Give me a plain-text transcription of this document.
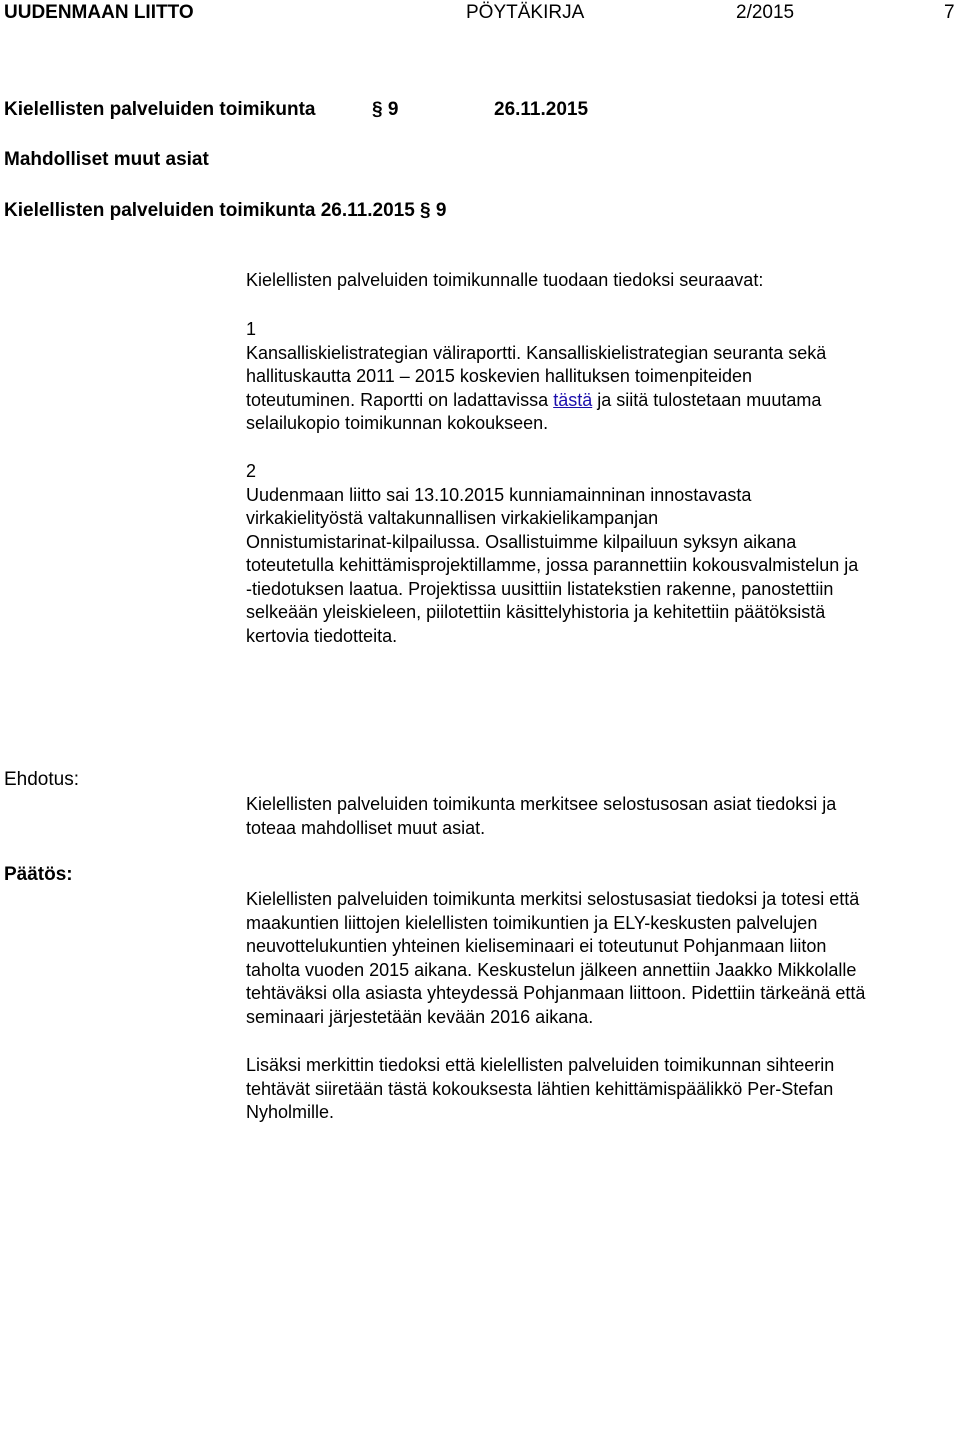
UUDENMAAN LIITTO	PÖYTÄKIRJA	2/2015	7
Kielellisten palveluiden toimikunta	§ 9	26.11.2015
Mahdolliset muut asiat
Kielellisten palveluiden toimikunta 26.11.2015 § 9

Kielellisten palveluiden toimikunnalle tuodaan tiedoksi seuraavat:

1

Kansalliskielistrategian väliraportti. Kansalliskielistrategian seuranta sekä

hallituskautta 2011 – 2015 koskevien hallituksen toimenpiteiden

toteutuminen. Raportti on ladattavissa tästä ja siitä tulostetaan muutama

selailukopio toimikunnan kokoukseen.

2

Uudenmaan liitto sai 13.10.2015 kunniamainninan innostavasta

virkakielityöstä valtakunnallisen virkakielikampanjan

Onnistumistarinat-kilpailussa. Osallistuimme kilpailuun syksyn aikana

toteutetulla kehittämisprojektillamme, jossa parannettiin kokousvalmistelun ja

-tiedotuksen laatua. Projektissa uusittiin listatekstien rakenne, panostettiin

selkeään yleiskieleen, piilotettiin käsittelyhistoria ja kehitettiin päätöksistä

kertovia tiedotteita.

Ehdotus:

Kielellisten palveluiden toimikunta merkitsee selostusosan asiat tiedoksi ja

toteaa mahdolliset muut asiat.

Päätös:

Kielellisten palveluiden toimikunta merkitsi selostusasiat tiedoksi ja totesi että

maakuntien liittojen kielellisten toimikuntien ja ELY-keskusten palvelujen

neuvottelukuntien yhteinen kieliseminaari ei toteutunut Pohjanmaan liiton

taholta vuoden 2015 aikana. Keskustelun jälkeen annettiin Jaakko Mikkolalle

tehtäväksi olla asiasta yhteydessä Pohjanmaan liittoon. Pidettiin tärkeänä että

seminaari järjestetään kevään 2016 aikana.

Lisäksi merkittin tiedoksi että kielellisten palveluiden toimikunnan sihteerin

tehtävät siiretään tästä kokouksesta lähtien kehittämispäälikkö Per-Stefan

Nyholmille.
